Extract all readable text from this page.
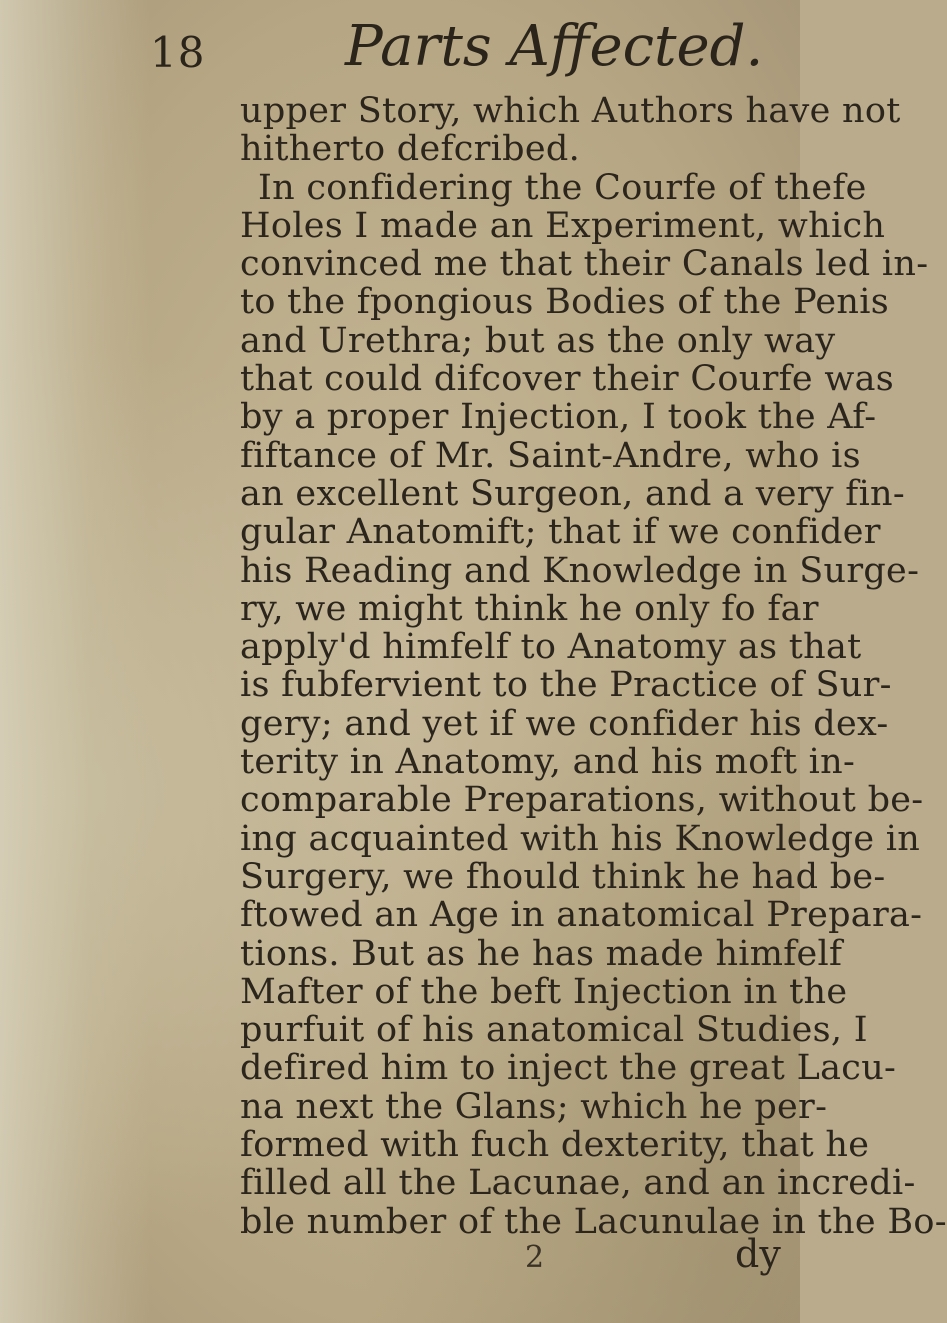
18 Parts Affected.
upper Story, which Authors have not
hitherto defcribed.
In confidering the Courfe of thefe
Holes I made an Experiment, which
convinced me that their Canals led in-
to the fpongious Bodies of the Penis
and Urethra; but as the only way
that could difcover their Courfe was
by a proper Injection, I took the Af-
fiftance of Mr. Saint-Andre, who is
an excellent Surgeon, and a very fin-
gular Anatomift; that if we confider
his Reading and Knowledge in Surge-
ry, we might think he only fo far
apply'd himfelf to Anatomy as that
is fubfervient to the Practice of Sur-
gery; and yet if we confider his dex-
terity in Anatomy, and his moft in-
comparable Preparations, without be-
ing acquainted with his Knowledge in
Surgery, we fhould think he had be-
ftowed an Age in anatomical Prepara-
tions. But as he has made himfelf
Mafter of the beft Injection in the
purfuit of his anatomical Studies, I
defired him to inject the great Lacu-
na next the Glans; which he per-
formed with fuch dexterity, that he
filled all the Lacunae, and an incredi-
ble number of the Lacunulae in the Bo-
2	dy
